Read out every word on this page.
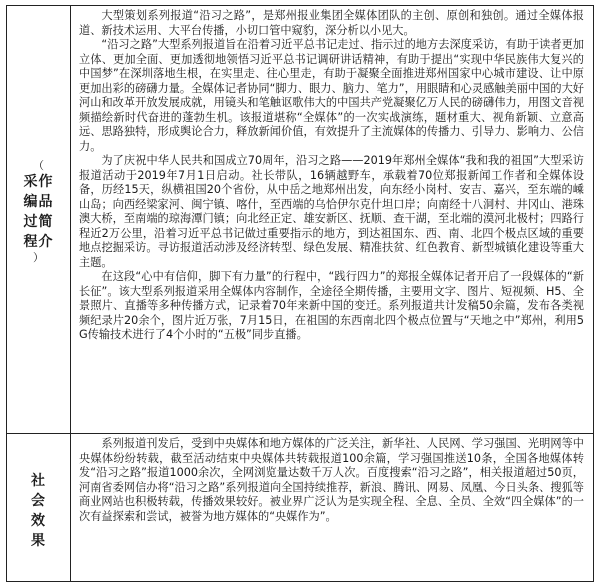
（
采作
编品
过简
程介
）

大型策划系列报道“沿习之路”，是郑州报业集团全媒体团队的主创、原创和独创。通过全媒体报道、新技术运用、大平台传播，小切口管中窥豹，深分析以小见大。

“沿习之路”大型系列报道旨在沿着习近平总书记走过、指示过的地方去深度采访，有助于读者更加立体、更加全面、更加透彻地领悟习近平总书记调研讲话精神，有助于提出“实现中华民族伟大复兴的中国梦”在深圳落地生根，在实里走、往心里走，有助于凝聚全面推进郑州国家中心城市建设、让中原更加出彩的磅礴力量。全媒体记者协同“脚力、眼力、脑力、笔力”，用眼睛和心灵感触美丽中国的大好河山和改革开放发展成就，用镜头和笔触讴歌伟大的中国共产党凝聚亿万人民的磅礴伟力，用图文音视频描绘新时代奋进的蓬勃生机。该报道堪称“全媒体”的一次实战演练，题材重大、视角新颖、立意高远、思路独特，形成舆论合力，释放新闻价值，有效提升了主流媒体的传播力、引导力、影响力、公信力。

为了庆祝中华人民共和国成立70周年，沿习之路——2019年郑州全媒体“我和我的祖国”大型采访报道活动于2019年7月1日启动。社长带队，16辆越野车，承载着70位郑报新闻工作者和全媒体设备，历经15天，纵横祖国20个省份，从中岳之地郑州出发，向东经小岗村、安吉、嘉兴，至东端的嵊山岛；向西经梁家河、闽宁镇、喀什，至西端的乌恰伊尔克什坦口岸；向南经十八洞村、井冈山、港珠澳大桥，至南端的琼海潭门镇；向北经正定、雄安新区、抚顺、查干湖，至北端的漠河北极村；四路行程近2万公里，沿着习近平总书记做过重要指示的地方，到达祖国东、西、南、北四个极点区域的重要地点挖掘采访。寻访报道活动涉及经济转型、绿色发展、精准扶贫、红色教育、新型城镇化建设等重大主题。

在这段“心中有信仰，脚下有力量”的行程中，“践行四力”的郑报全媒体记者开启了一段媒体的“新长征”。该大型系列报道采用全媒体内容制作，全途径全期传播，主要用文字、图片、短视频、H5、全景照片、直播等多种传播方式，记录着70年来新中国的变迁。系列报道共计发稿50余篇，发布各类视频纪录片20余个，图片近万张，7月15日，在祖国的东西南北四个极点位置与“天地之中”郑州，利用5G传输技术进行了4个小时的“五极”同步直播。

社
会
效
果

系列报道刊发后，受到中央媒体和地方媒体的广泛关注，新华社、人民网、学习强国、光明网等中央媒体纷纷转载，截至活动结束中央媒体共转载报道100余篇，学习强国推送10条，全国各地媒体转发“沿习之路”报道1000余次，全网浏览量达数千万人次。百度搜索“沿习之路”，相关报道超过50页，河南省委网信办将“沿习之路”系列报道向全国持续推荐，新浪、腾讯、网易、凤凰、今日头条、搜狐等商业网站也积极转载，传播效果较好。被业界广泛认为是实现全程、全息、全员、全效“四全媒体”的一次有益探索和尝试，被誉为地方媒体的“央媒作为”。
